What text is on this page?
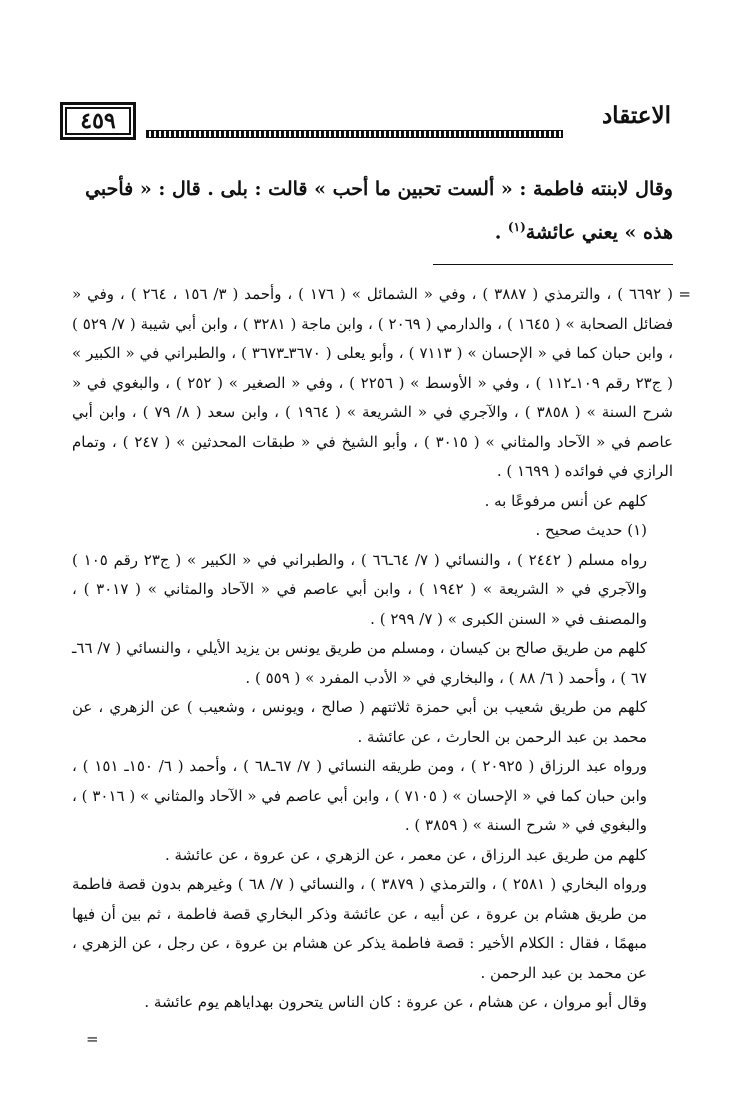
الاعتقاد
٤٥٩

وقال لابنته فاطمة : « ألست تحبين ما أحب » قالت : بلى . قال : « فأحبي

هذه » يعني عائشة$^{(١)}$ .

=

( ٦٦٩٢ ) ، والترمذي ( ٣٨٨٧ ) ، وفي « الشمائل » ( ١٧٦ ) ، وأحمد ( ٣/ ١٥٦ ، ٢٦٤ ) ، وفي « فضائل الصحابة » ( ١٦٤٥ ) ، والدارمي ( ٢٠٦٩ ) ، وابن ماجة ( ٣٢٨١ ) ، وابن أبي شيبة ( ٧/ ٥٢٩ ) ، وابن حبان كما في « الإحسان » ( ٧١١٣ ) ، وأبو يعلى ( ٣٦٧٠ـ٣٦٧٣ ) ، والطبراني في « الكبير » ( ج٢٣ رقم ١٠٩ـ١١٢ ) ، وفي « الأوسط » ( ٢٢٥٦ ) ، وفي « الصغير » ( ٢٥٢ ) ، والبغوي في « شرح السنة » ( ٣٨٥٨ ) ، والآجري في « الشريعة » ( ١٩٦٤ ) ، وابن سعد ( ٨/ ٧٩ ) ، وابن أبي عاصم في « الآحاد والمثاني » ( ٣٠١٥ ) ، وأبو الشيخ في « طبقات المحدثين » ( ٢٤٧ ) ، وتمام الرازي في فوائده ( ١٦٩٩ ) .

كلهم عن أنس مرفوعًا به .

(١) حديث صحيح .

رواه مسلم ( ٢٤٤٢ ) ، والنسائي ( ٧/ ٦٤ـ٦٦ ) ، والطبراني في « الكبير » ( ج٢٣ رقم ١٠٥ ) والآجري في « الشريعة » ( ١٩٤٢ ) ، وابن أبي عاصم في « الآحاد والمثاني » ( ٣٠١٧ ) ، والمصنف في « السنن الكبرى » ( ٧/ ٢٩٩ ) .

كلهم من طريق صالح بن كيسان ، ومسلم من طريق يونس بن يزيد الأيلي ، والنسائي ( ٧/ ٦٦ـ ٦٧ ) ، وأحمد ( ٦/ ٨٨ ) ، والبخاري في « الأدب المفرد » ( ٥٥٩ ) .

كلهم من طريق شعيب بن أبي حمزة ثلاثتهم ( صالح ، ويونس ، وشعيب ) عن الزهري ، عن محمد بن عبد الرحمن بن الحارث ، عن عائشة .

ورواه عبد الرزاق ( ٢٠٩٢٥ ) ، ومن طريقه النسائي ( ٧/ ٦٧ـ٦٨ ) ، وأحمد ( ٦/ ١٥٠ـ ١٥١ ) ، وابن حبان كما في « الإحسان » ( ٧١٠٥ ) ، وابن أبي عاصم في « الآحاد والمثاني » ( ٣٠١٦ ) ، والبغوي في « شرح السنة » ( ٣٨٥٩ ) .

كلهم من طريق عبد الرزاق ، عن معمر ، عن الزهري ، عن عروة ، عن عائشة .

ورواه البخاري ( ٢٥٨١ ) ، والترمذي ( ٣٨٧٩ ) ، والنسائي ( ٧/ ٦٨ ) وغيرهم بدون قصة فاطمة من طريق هشام بن عروة ، عن أبيه ، عن عائشة وذكر البخاري قصة فاطمة ، ثم بين أن فيها مبهمًا ، فقال : الكلام الأخير : قصة فاطمة يذكر عن هشام بن عروة ، عن رجل ، عن الزهري ، عن محمد بن عبد الرحمن .

وقال أبو مروان ، عن هشام ، عن عروة : كان الناس يتحرون بهداياهم يوم عائشة .

=
